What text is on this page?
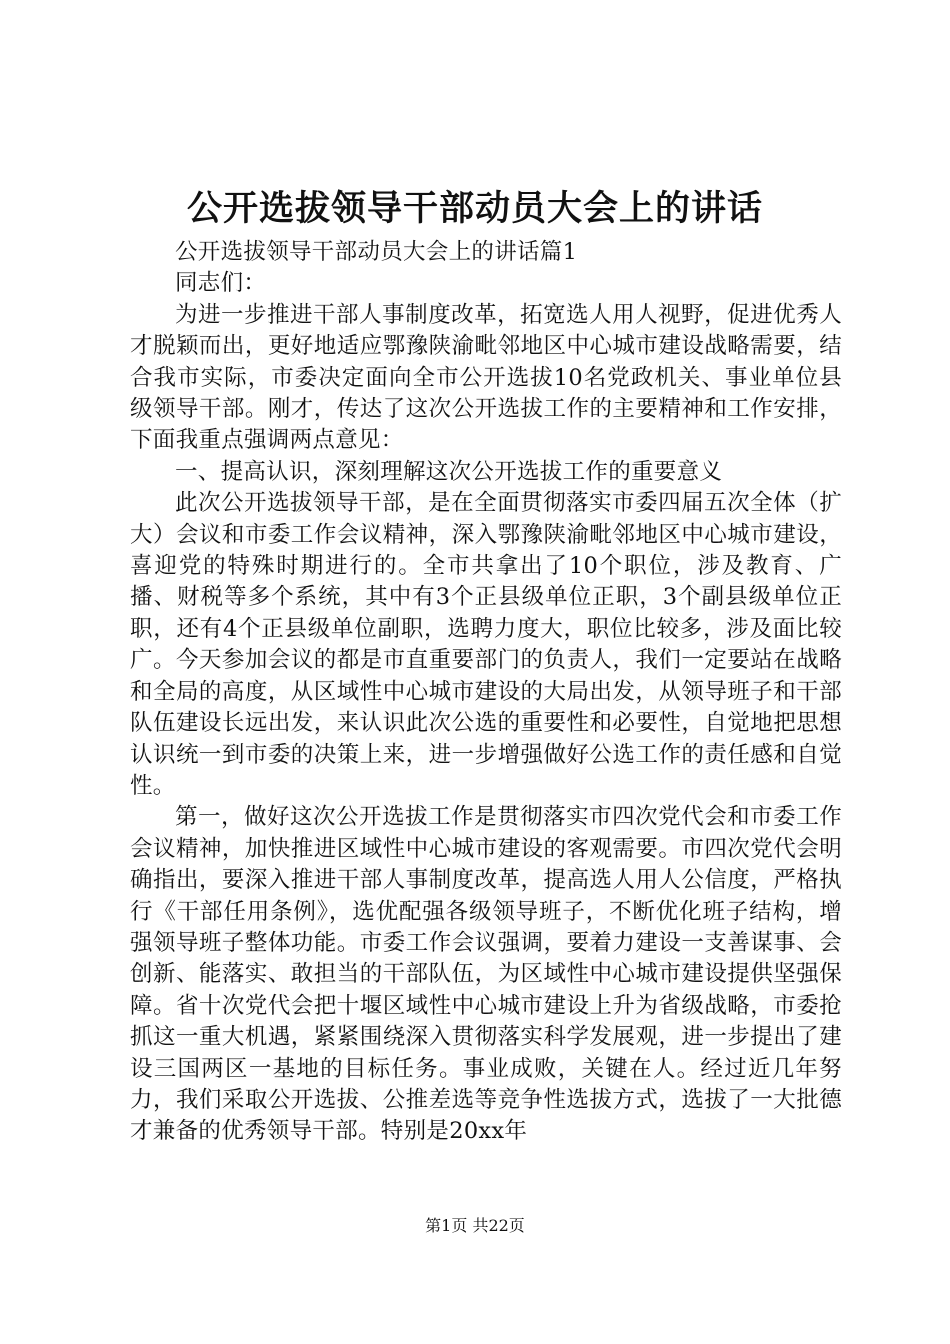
公开选拔领导干部动员大会上的讲话

公开选拔领导干部动员大会上的讲话篇1

同志们：

为进一步推进干部人事制度改革，拓宽选人用人视野，促进优秀人才脱颖而出，更好地适应鄂豫陕渝毗邻地区中心城市建设战略需要，结合我市实际，市委决定面向全市公开选拔10名党政机关、事业单位县级领导干部。刚才，传达了这次公开选拔工作的主要精神和工作安排，下面我重点强调两点意见：

一、提高认识，深刻理解这次公开选拔工作的重要意义

此次公开选拔领导干部，是在全面贯彻落实市委四届五次全体（扩大）会议和市委工作会议精神，深入鄂豫陕渝毗邻地区中心城市建设，喜迎党的特殊时期进行的。全市共拿出了10个职位，涉及教育、广播、财税等多个系统，其中有3个正县级单位正职，3个副县级单位正职，还有4个正县级单位副职，选聘力度大，职位比较多，涉及面比较广。今天参加会议的都是市直重要部门的负责人，我们一定要站在战略和全局的高度，从区域性中心城市建设的大局出发，从领导班子和干部队伍建设长远出发，来认识此次公选的重要性和必要性，自觉地把思想认识统一到市委的决策上来，进一步增强做好公选工作的责任感和自觉性。

第一，做好这次公开选拔工作是贯彻落实市四次党代会和市委工作会议精神，加快推进区域性中心城市建设的客观需要。市四次党代会明确指出，要深入推进干部人事制度改革，提高选人用人公信度，严格执行《干部任用条例》，选优配强各级领导班子，不断优化班子结构，增强领导班子整体功能。市委工作会议强调，要着力建设一支善谋事、会创新、能落实、敢担当的干部队伍，为区域性中心城市建设提供坚强保障。省十次党代会把十堰区域性中心城市建设上升为省级战略，市委抢抓这一重大机遇，紧紧围绕深入贯彻落实科学发展观，进一步提出了建设三国两区一基地的目标任务。事业成败，关键在人。经过近几年努力，我们采取公开选拔、公推差选等竞争性选拔方式，选拔了一大批德才兼备的优秀领导干部。特别是20xx年

第1页 共22页
